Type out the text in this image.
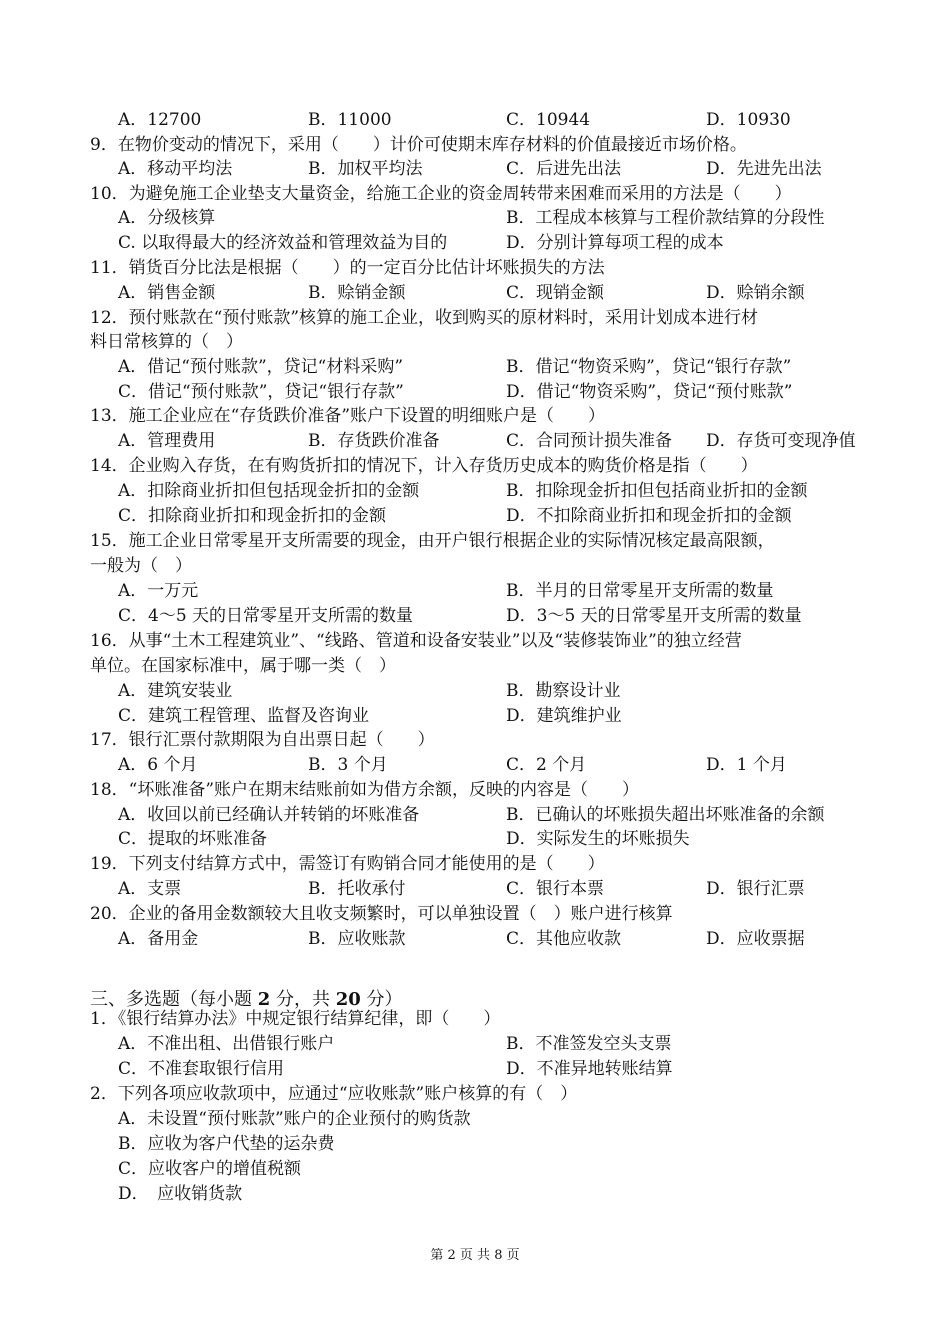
A．12700	B．11000	C．10944	D．10930
9．在物价变动的情况下，采用（　　）计价可使期末库存材料的价值最接近市场价格。
A．移动平均法	B．加权平均法	C．后进先出法	D．先进先出法
10．为避免施工企业垫支大量资金，给施工企业的资金周转带来困难而采用的方法是（　　）
A．分级核算	B．工程成本核算与工程价款结算的分段性
C. 以取得最大的经济效益和管理效益为目的	D．分别计算每项工程的成本
11．销货百分比法是根据（　　）的一定百分比估计坏账损失的方法
A．销售金额	B．赊销金额	C．现销金额	D．赊销余额
12．预付账款在“预付账款”核算的施工企业，收到购买的原材料时，采用计划成本进行材
料日常核算的（　）
A．借记“预付账款”，贷记“材料采购”	B．借记“物资采购”，贷记“银行存款”
C．借记“预付账款”，贷记“银行存款”	D．借记“物资采购”，贷记“预付账款”
13．施工企业应在“存货跌价准备”账户下设置的明细账户是（　　）
A．管理费用	B．存货跌价准备	C．合同预计损失准备 D．存货可变现净值
14．企业购入存货，在有购货折扣的情况下，计入存货历史成本的购货价格是指（　　）
A．扣除商业折扣但包括现金折扣的金额	B．扣除现金折扣但包括商业折扣的金额
C．扣除商业折扣和现金折扣的金额	D．不扣除商业折扣和现金折扣的金额
15．施工企业日常零星开支所需要的现金，由开户银行根据企业的实际情况核定最高限额，
一般为（　）
A．一万元	B．半月的日常零星开支所需的数量
C．4～5 天的日常零星开支所需的数量	D．3～5 天的日常零星开支所需的数量
16．从事“土木工程建筑业”、“线路、管道和设备安装业”以及“装修装饰业”的独立经营
单位。在国家标准中，属于哪一类（　）
A．建筑安装业	B．勘察设计业
C．建筑工程管理、监督及咨询业	D．建筑维护业
17．银行汇票付款期限为自出票日起（　　）
A．6 个月	B．3 个月	C．2 个月	D．1 个月
18．“坏账准备”账户在期末结账前如为借方余额，反映的内容是（　　）
A．收回以前已经确认并转销的坏账准备	B．已确认的坏账损失超出坏账准备的余额
C．提取的坏账准备	D．实际发生的坏账损失
19．下列支付结算方式中，需签订有购销合同才能使用的是（　　）
A．支票	B．托收承付	C．银行本票	D．银行汇票
20．企业的备用金数额较大且收支频繁时，可以单独设置（　）账户进行核算
A．备用金	B．应收账款	C．其他应收款	D．应收票据
1．《银行结算办法》中规定银行结算纪律，即（　　）
A．不准出租、出借银行账户	B．不准签发空头支票
C．不准套取银行信用	D．不准异地转账结算
2．下列各项应收款项中，应通过“应收账款”账户核算的有（　）
A．未设置“预付账款”账户的企业预付的购货款
B．应收为客户代垫的运杂费
C．应收客户的增值税额
D．　应收销货款
三、多选题（每小题 2 分，共 20 分）
第 2 页 共 8 页
